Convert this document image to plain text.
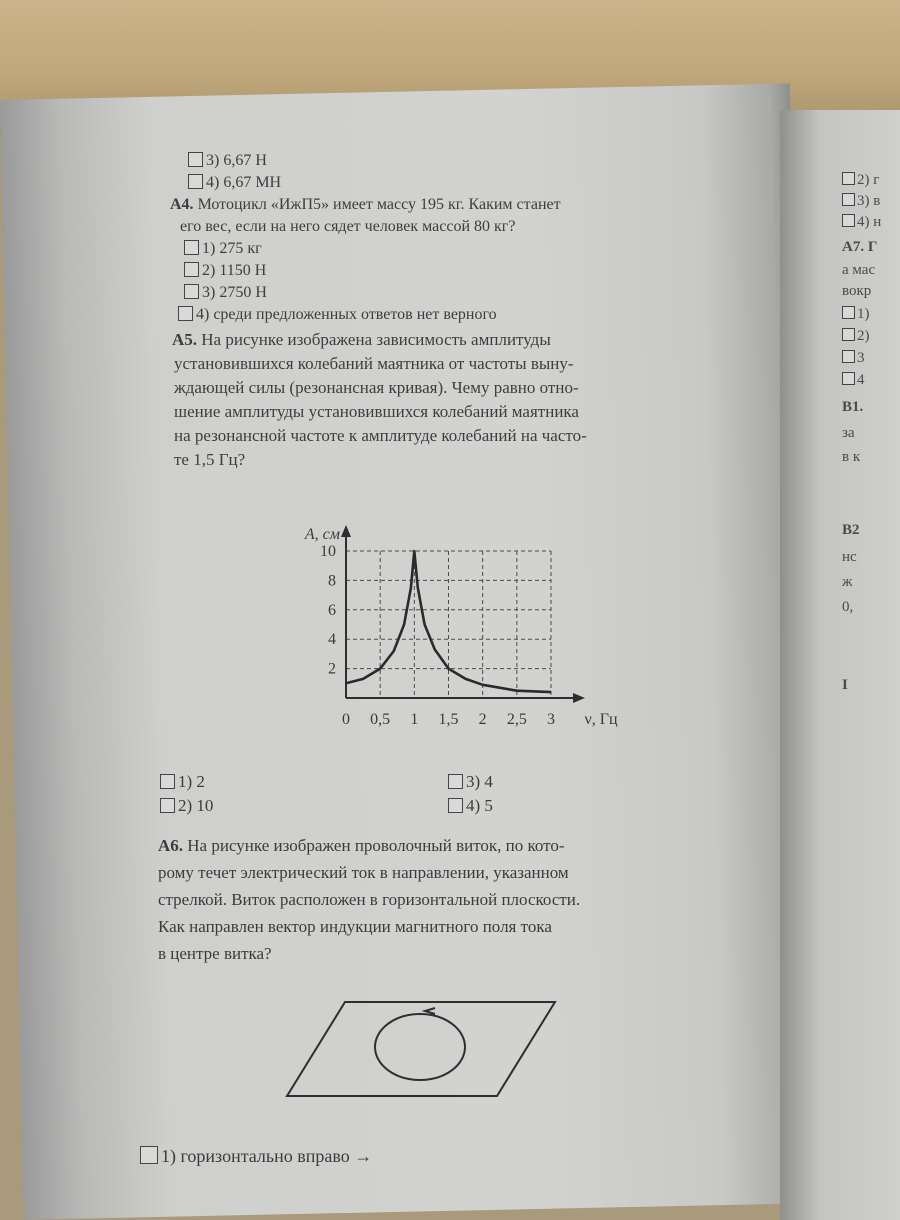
2) г
3) в
4) н
А7. Г
а мас
вокр
1)
2)
3
4
В1.
за
в к
В2
нс
ж
0,
І
3) 6,67 Н
4) 6,67 МН
А4. Мотоцикл «ИжП5» имеет массу 195 кг. Каким станет
его вес, если на него сядет человек массой 80 кг?
1) 275 кг
2) 1150 Н
3) 2750 Н
4) среди предложенных ответов нет верного
А5. На рисунке изображена зависимость амплитуды
установившихся колебаний маятника от частоты выну-
ждающей силы (резонансная кривая). Чему равно отно-
шение амплитуды установившихся колебаний маятника
на резонансной частоте к амплитуде колебаний на часто-
те 1,5 Гц?
0 0,5 1 1,5 2 2,5 3
2
4
6
8
10
A, см
ν, Гц
1) 2
2) 10
3) 4
4) 5
А6. На рисунке изображен проволочный виток, по кото-
рому течет электрический ток в направлении, указанном
стрелкой. Виток расположен в горизонтальной плоскости.
Как направлен вектор индукции магнитного поля тока
в центре витка?
1) горизонтально вправо →
